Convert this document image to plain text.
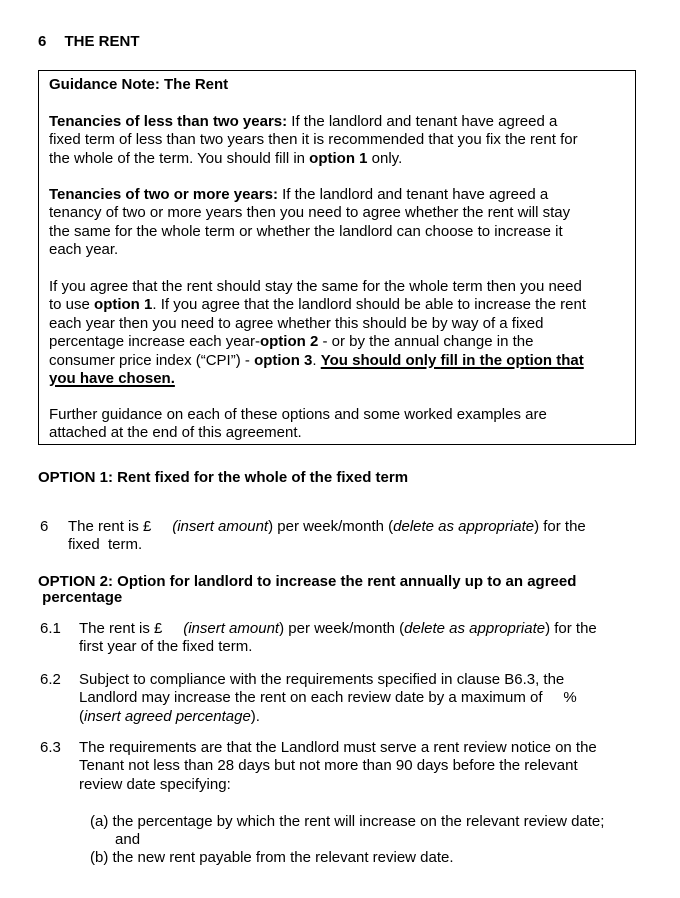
6 THE RENT
Guidance Note: The Rent
Tenancies of less than two years: If the landlord and tenant have agreed a
fixed term of less than two years then it is recommended that you fix the rent for
the whole of the term. You should fill in option 1 only.
Tenancies of two or more years: If the landlord and tenant have agreed a
tenancy of two or more years then you need to agree whether the rent will stay
the same for the whole term or whether the landlord can choose to increase it
each year.
If you agree that the rent should stay the same for the whole term then you need
to use option 1. If you agree that the landlord should be able to increase the rent
each year then you need to agree whether this should be by way of a fixed
percentage increase each year-option 2 - or by the annual change in the
consumer price index (“CPI”) - option 3. You should only fill in the option that
you have chosen.
Further guidance on each of these options and some worked examples are
attached at the end of this agreement.
OPTION 1: Rent fixed for the whole of the fixed term
6 The rent is £     (insert amount) per week/month (delete as appropriate) for the
fixed  term.
OPTION 2: Option for landlord to increase the rent annually up to an agreed
percentage
6.1 The rent is £     (insert amount) per week/month (delete as appropriate) for the
first year of the fixed term.
6.2 Subject to compliance with the requirements specified in clause B6.3, the
Landlord may increase the rent on each review date by a maximum of     %
(insert agreed percentage).
6.3 The requirements are that the Landlord must serve a rent review notice on the
Tenant not less than 28 days but not more than 90 days before the relevant
review date specifying:
(a) the percentage by which the rent will increase on the relevant review date;
and
(b) the new rent payable from the relevant review date.
